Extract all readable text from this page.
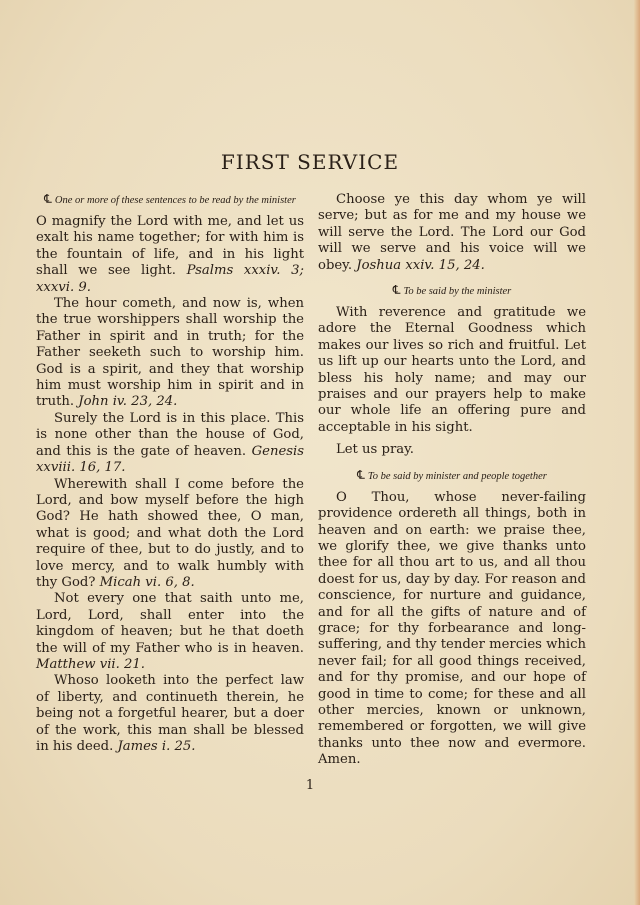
FIRST SERVICE
℄ One or more of these sentences to be read by the minister

O magnify the Lord with me, and let us exalt his name together; for with him is the fountain of life, and in his light shall we see light. Psalms xxxiv. 3; xxxvi. 9.

The hour cometh, and now is, when the true worshippers shall worship the Father in spirit and in truth; for the Father seeketh such to worship him. God is a spirit, and they that worship him must worship him in spirit and in truth. John iv. 23, 24.

Surely the Lord is in this place. This is none other than the house of God, and this is the gate of heaven. Genesis xxviii. 16, 17.

Wherewith shall I come before the Lord, and bow myself before the high God? He hath showed thee, O man, what is good; and what doth the Lord require of thee, but to do justly, and to love mercy, and to walk humbly with thy God? Micah vi. 6, 8.

Not every one that saith unto me, Lord, Lord, shall enter into the kingdom of heaven; but he that doeth the will of my Father who is in heaven. Matthew vii. 21.

Whoso looketh into the perfect law of liberty, and continueth therein, he being not a forgetful hearer, but a doer of the work, this man shall be blessed in his deed. James i. 25.

Choose ye this day whom ye will serve; but as for me and my house we will serve the Lord. The Lord our God will we serve and his voice will we obey. Joshua xxiv. 15, 24.

℄ To be said by the minister

With reverence and gratitude we adore the Eternal Goodness which makes our lives so rich and fruitful. Let us lift up our hearts unto the Lord, and bless his holy name; and may our praises and our prayers help to make our whole life an offering pure and acceptable in his sight.

Let us pray.

℄ To be said by minister and people together

O Thou, whose never-failing providence ordereth all things, both in heaven and on earth: we praise thee, we glorify thee, we give thanks unto thee for all thou art to us, and all thou doest for us, day by day. For reason and conscience, for nurture and guidance, and for all the gifts of nature and of grace; for thy forbearance and long-suffering, and thy tender mercies which never fail; for all good things received, and for thy promise, and our hope of good in time to come; for these and all other mercies, known or unknown, remembered or forgotten, we will give thanks unto thee now and evermore. Amen.

1
